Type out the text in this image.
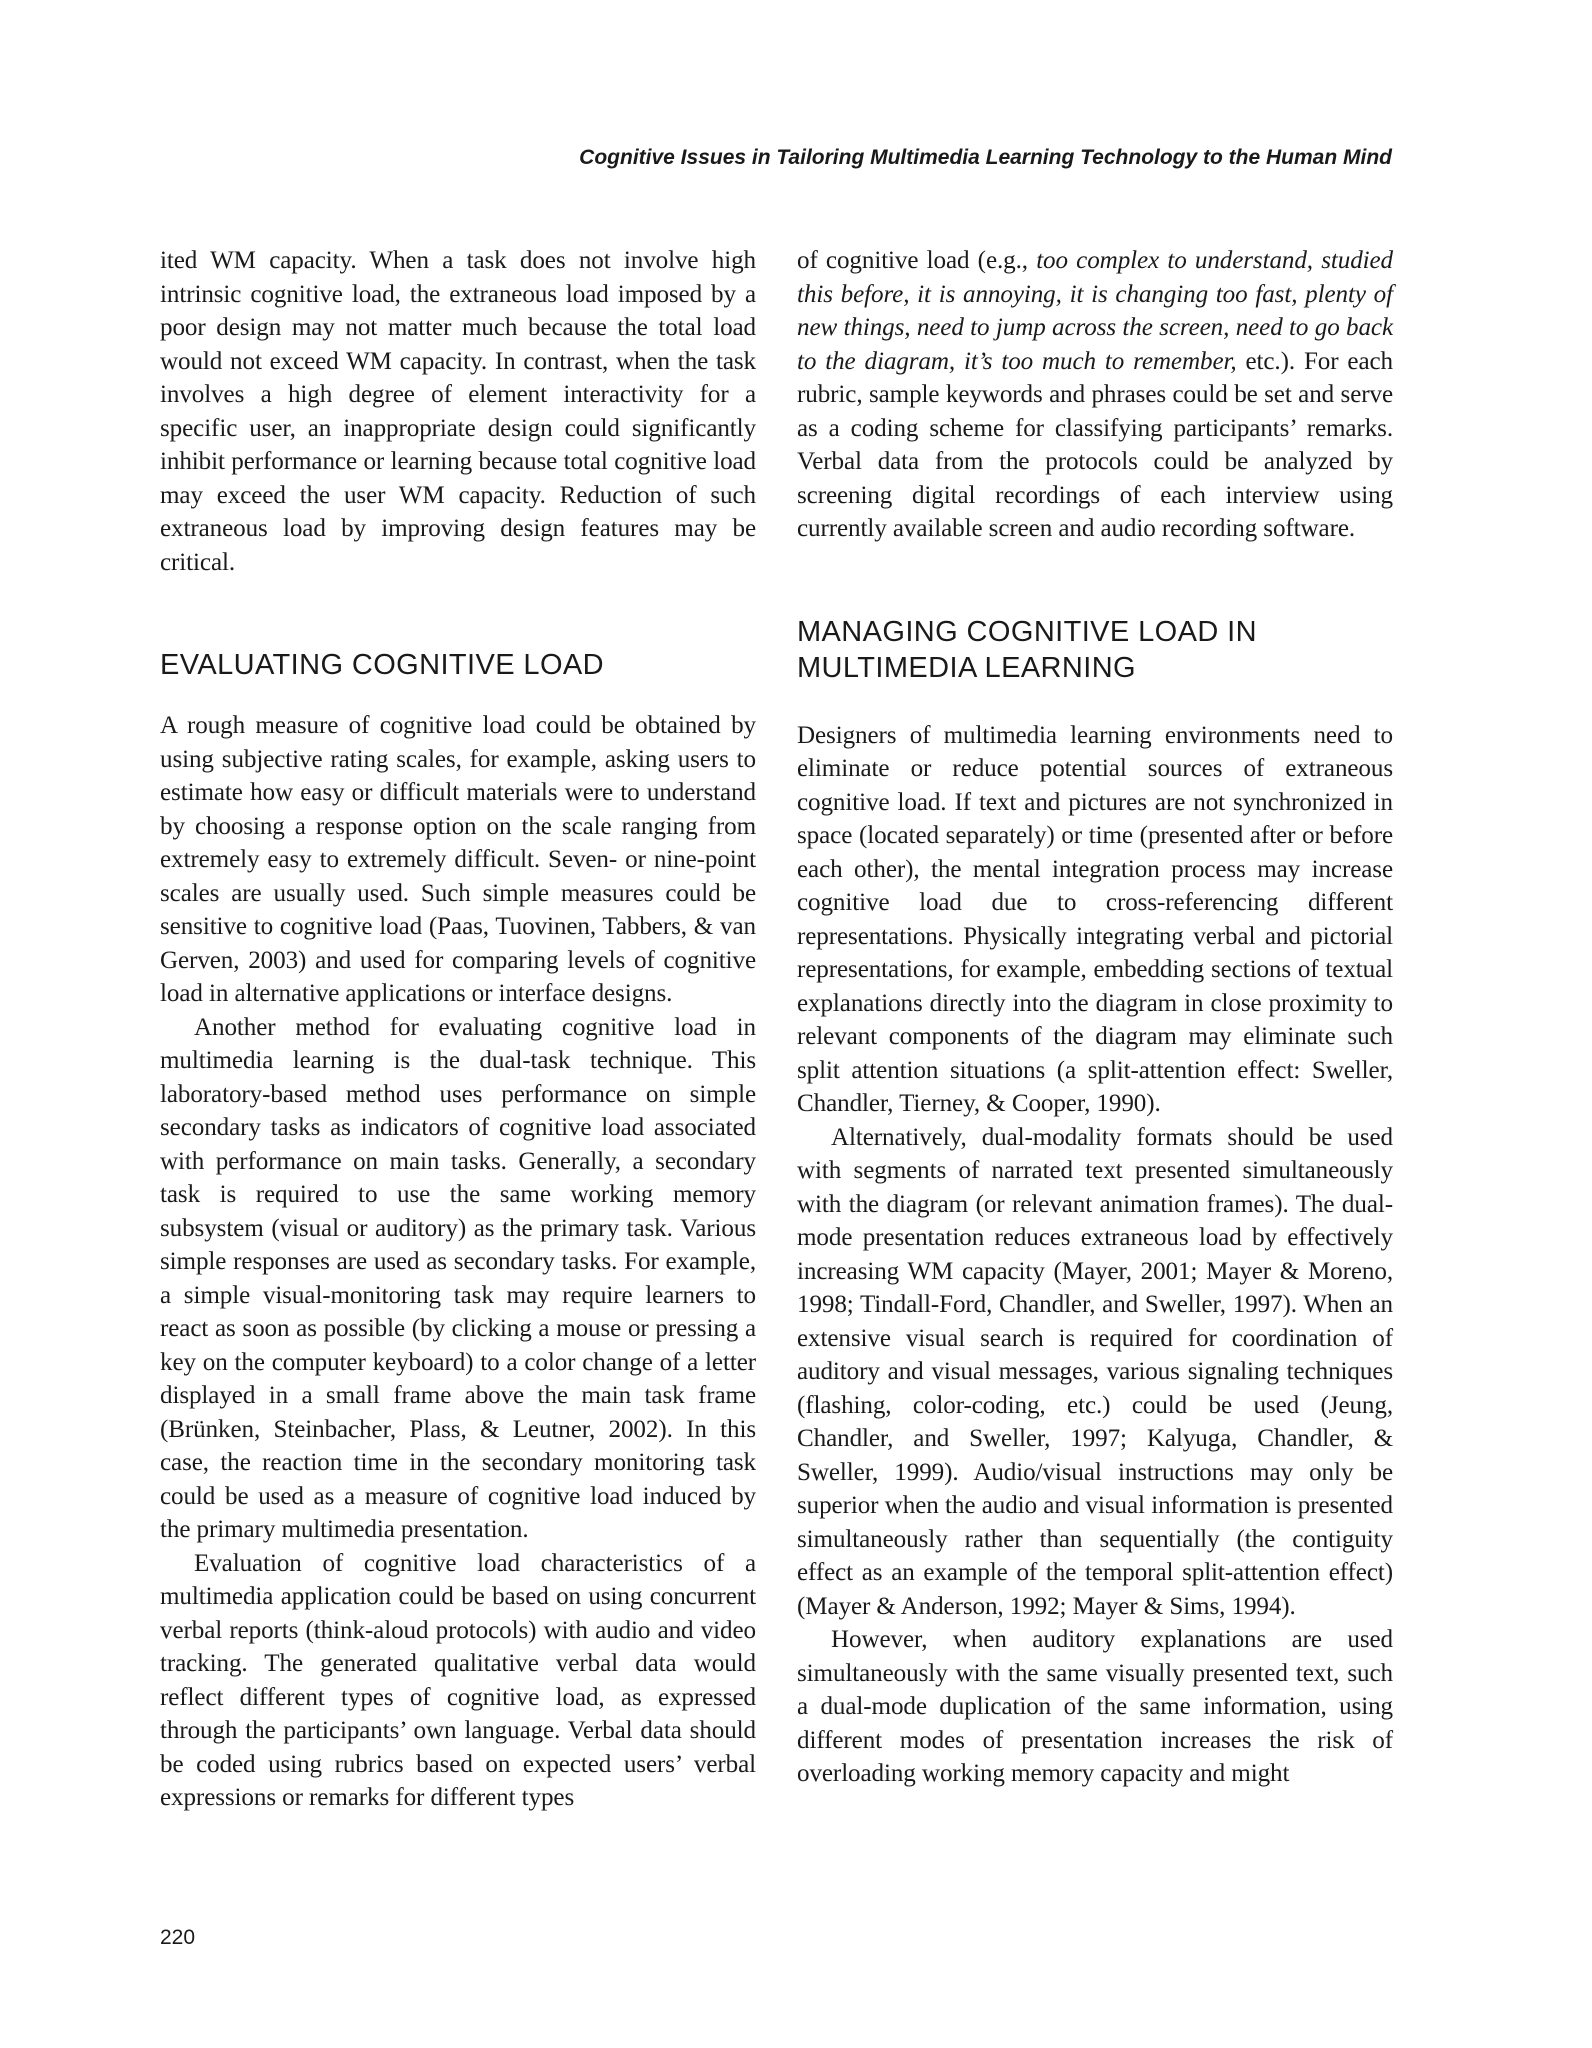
Cognitive Issues in Tailoring Multimedia Learning Technology to the Human Mind

ited WM capacity. When a task does not involve high intrinsic cognitive load, the extraneous load imposed by a poor design may not matter much because the total load would not exceed WM capacity. In contrast, when the task involves a high degree of element interactivity for a specific user, an inappropriate design could significantly inhibit performance or learning because total cognitive load may exceed the user WM capacity. Reduction of such extraneous load by improving design features may be critical.

EVALUATING COGNITIVE LOAD

A rough measure of cognitive load could be obtained by using subjective rating scales, for example, asking users to estimate how easy or difficult materials were to understand by choosing a response option on the scale ranging from extremely easy to extremely difficult. Seven- or nine-point scales are usually used. Such simple measures could be sensitive to cognitive load (Paas, Tuovinen, Tabbers, & van Gerven, 2003) and used for comparing levels of cognitive load in alternative applications or interface designs.

Another method for evaluating cognitive load in multimedia learning is the dual-task technique. This laboratory-based method uses performance on simple secondary tasks as indicators of cognitive load associated with performance on main tasks. Generally, a secondary task is required to use the same working memory subsystem (visual or auditory) as the primary task. Various simple responses are used as secondary tasks. For example, a simple visual-monitoring task may require learners to react as soon as possible (by clicking a mouse or pressing a key on the computer keyboard) to a color change of a letter displayed in a small frame above the main task frame (Brünken, Steinbacher, Plass, & Leutner, 2002). In this case, the reaction time in the secondary monitoring task could be used as a measure of cognitive load induced by the primary multimedia presentation.

Evaluation of cognitive load characteristics of a multimedia application could be based on using concurrent verbal reports (think-aloud protocols) with audio and video tracking. The generated qualitative verbal data would reflect different types of cognitive load, as expressed through the participants’ own language. Verbal data should be coded using rubrics based on expected users’ verbal expressions or remarks for different types

of cognitive load (e.g., too complex to understand, studied this before, it is annoying, it is changing too fast, plenty of new things, need to jump across the screen, need to go back to the diagram, it’s too much to remember, etc.). For each rubric, sample keywords and phrases could be set and serve as a coding scheme for classifying participants’ remarks. Verbal data from the protocols could be analyzed by screening digital recordings of each interview using currently available screen and audio recording software.

MANAGING COGNITIVE LOAD IN MULTIMEDIA LEARNING

Designers of multimedia learning environments need to eliminate or reduce potential sources of extraneous cognitive load. If text and pictures are not synchronized in space (located separately) or time (presented after or before each other), the mental integration process may increase cognitive load due to cross-referencing different representations. Physically integrating verbal and pictorial representations, for example, embedding sections of textual explanations directly into the diagram in close proximity to relevant components of the diagram may eliminate such split attention situations (a split-attention effect: Sweller, Chandler, Tierney, & Cooper, 1990).

Alternatively, dual-modality formats should be used with segments of narrated text presented simultaneously with the diagram (or relevant animation frames). The dual-mode presentation reduces extraneous load by effectively increasing WM capacity (Mayer, 2001; Mayer & Moreno, 1998; Tindall-Ford, Chandler, and Sweller, 1997). When an extensive visual search is required for coordination of auditory and visual messages, various signaling techniques (flashing, color-coding, etc.) could be used (Jeung, Chandler, and Sweller, 1997; Kalyuga, Chandler, & Sweller, 1999). Audio/visual instructions may only be superior when the audio and visual information is presented simultaneously rather than sequentially (the contiguity effect as an example of the temporal split-attention effect) (Mayer & Anderson, 1992; Mayer & Sims, 1994).

However, when auditory explanations are used simultaneously with the same visually presented text, such a dual-mode duplication of the same information, using different modes of presentation increases the risk of overloading working memory capacity and might

220
